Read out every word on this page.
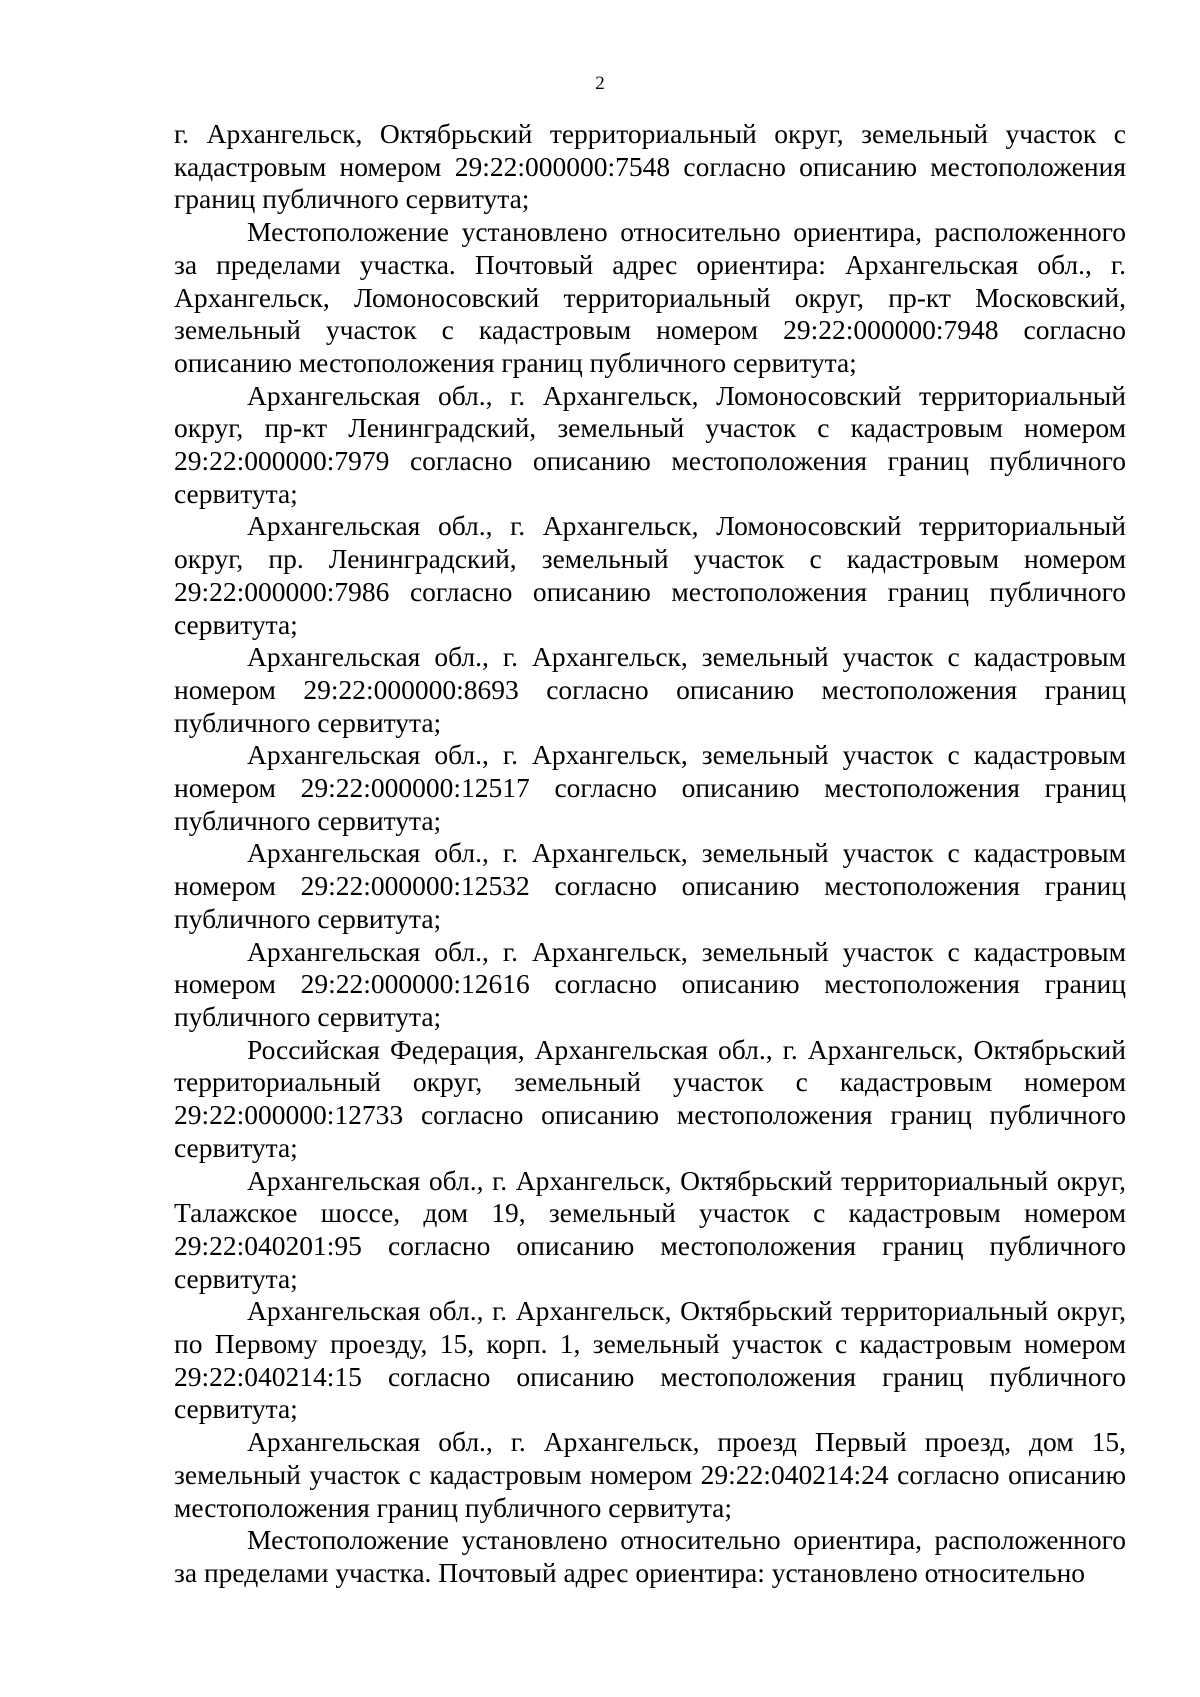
2

г. Архангельск, Октябрьский территориальный округ, земельный участок с кадастровым номером 29:22:000000:7548 согласно описанию местоположения границ публичного сервитута;

Местоположение установлено относительно ориентира, расположенного за пределами участка. Почтовый адрес ориентира: Архангельская обл., г. Архангельск, Ломоносовский территориальный округ, пр-кт Московский, земельный участок с кадастровым номером 29:22:000000:7948 согласно описанию местоположения границ публичного сервитута;

Архангельская обл., г. Архангельск, Ломоносовский территориальный округ, пр-кт Ленинградский, земельный участок с кадастровым номером 29:22:000000:7979 согласно описанию местоположения границ публичного сервитута;

Архангельская обл., г. Архангельск, Ломоносовский территориальный округ, пр. Ленинградский, земельный участок с кадастровым номером 29:22:000000:7986 согласно описанию местоположения границ публичного сервитута;

Архангельская обл., г. Архангельск, земельный участок с кадастровым номером 29:22:000000:8693 согласно описанию местоположения границ публичного сервитута;

Архангельская обл., г. Архангельск, земельный участок с кадастровым номером 29:22:000000:12517 согласно описанию местоположения границ публичного сервитута;

Архангельская обл., г. Архангельск, земельный участок с кадастровым номером 29:22:000000:12532 согласно описанию местоположения границ публичного сервитута;

Архангельская обл., г. Архангельск, земельный участок с кадастровым номером 29:22:000000:12616 согласно описанию местоположения границ публичного сервитута;

Российская Федерация, Архангельская обл., г. Архангельск, Октябрьский территориальный округ, земельный участок с кадастровым номером 29:22:000000:12733 согласно описанию местоположения границ публичного сервитута;

Архангельская обл., г. Архангельск, Октябрьский территориальный округ, Талажское шоссе, дом 19, земельный участок с кадастровым номером 29:22:040201:95 согласно описанию местоположения границ публичного сервитута;

Архангельская обл., г. Архангельск, Октябрьский территориальный округ, по Первому проезду, 15, корп. 1, земельный участок с кадастровым номером 29:22:040214:15 согласно описанию местоположения границ публичного сервитута;

Архангельская обл., г. Архангельск, проезд Первый проезд, дом 15, земельный участок с кадастровым номером 29:22:040214:24 согласно описанию местоположения границ публичного сервитута;

Местоположение установлено относительно ориентира, расположенного за пределами участка. Почтовый адрес ориентира: установлено относительно
